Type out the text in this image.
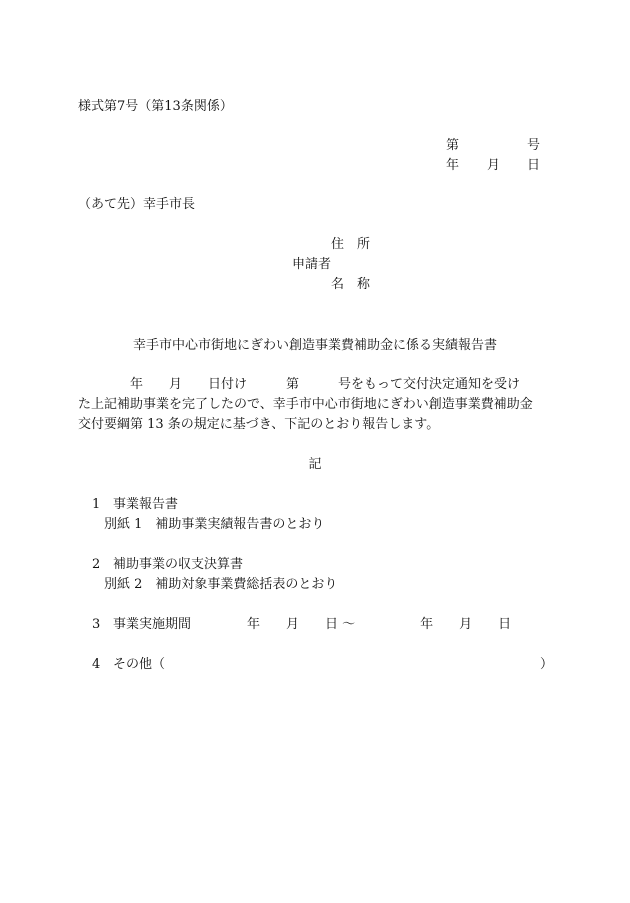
様式第7号（第13条関係）
第	号
年 月 日
（あて先）幸手市長
住　所
申請者
名　称
幸手市中心市街地にぎわい創造事業費補助金に係る実績報告書
　　　　年　　月　　日付け　　　第　　　号をもって交付決定通知を受け
た上記補助事業を完了したので、幸手市中心市街地にぎわい創造事業費補助金
交付要綱第 13 条の規定に基づき、下記のとおり報告します。
記
1 事業報告書
別紙 1　補助事業実績報告書のとおり
2 補助事業の収支決算書
別紙 2　補助対象事業費総括表のとおり
3 事業実施期間	年　　月　　日 〜　　　　　年　　月　　日
4 その他（	）
